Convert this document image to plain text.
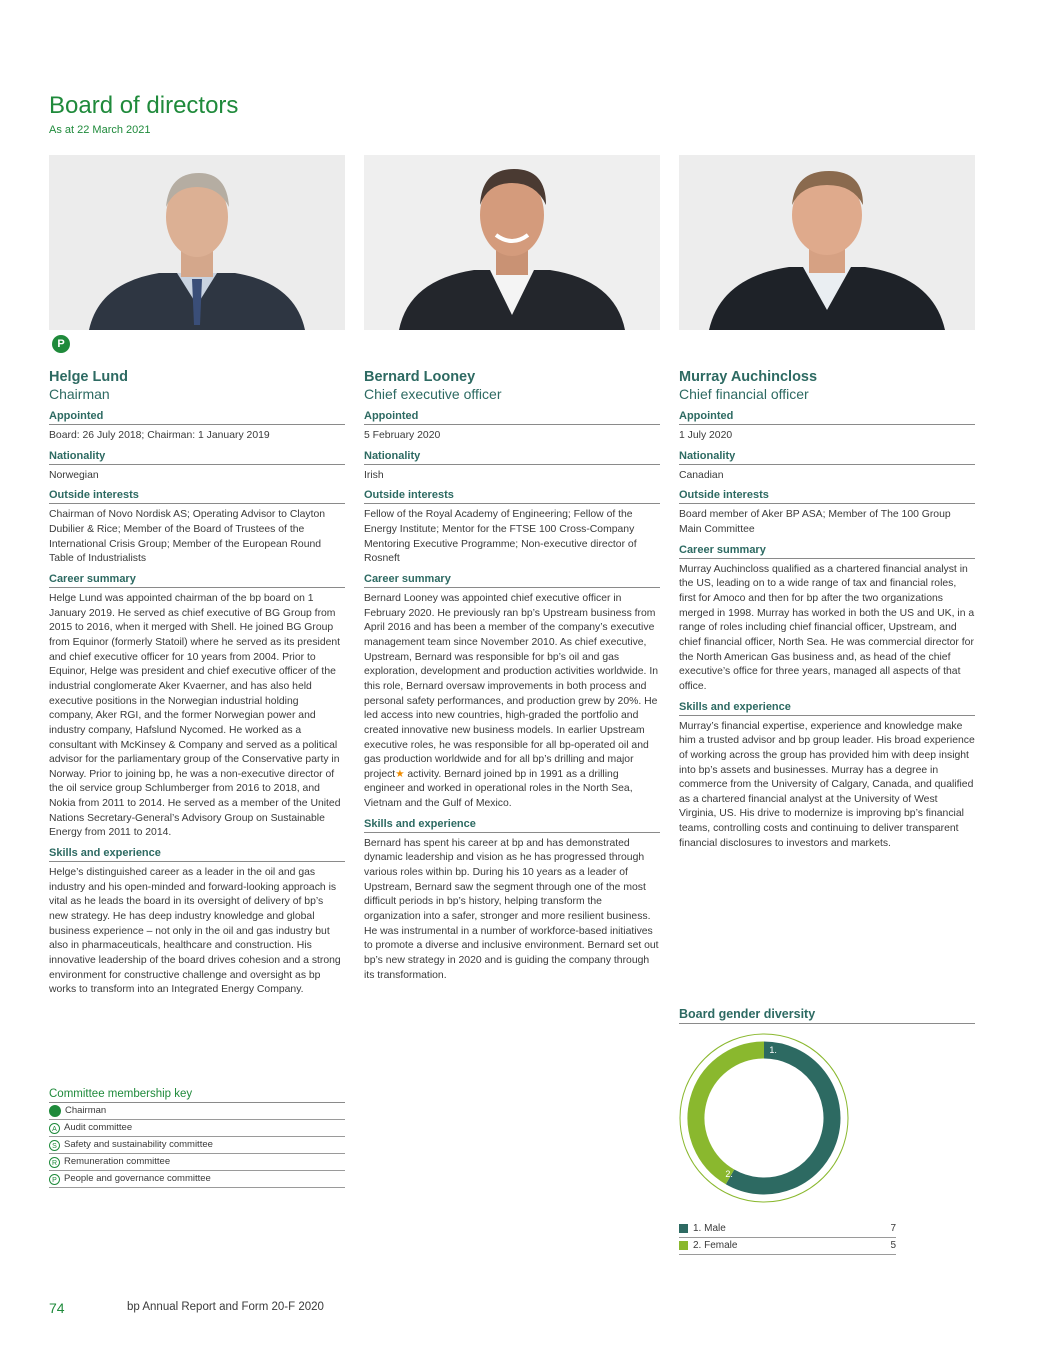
Board of directors
As at 22 March 2021
P
Helge Lund
Chairman
Appointed
Board: 26 July 2018; Chairman: 1 January 2019
Nationality
Norwegian
Outside interests
Chairman of Novo Nordisk AS; Operating Advisor to Clayton Dubilier & Rice; Member of the Board of Trustees of the International Crisis Group; Member of the European Round Table of Industrialists
Career summary
Helge Lund was appointed chairman of the bp board on 1 January 2019. He served as chief executive of BG Group from 2015 to 2016, when it merged with Shell. He joined BG Group from Equinor (formerly Statoil) where he served as its president and chief executive officer for 10 years from 2004. Prior to Equinor, Helge was president and chief executive officer of the industrial conglomerate Aker Kvaerner, and has also held executive positions in the Norwegian industrial holding company, Aker RGI, and the former Norwegian power and industry company, Hafslund Nycomed. He worked as a consultant with McKinsey & Company and served as a political advisor for the parliamentary group of the Conservative party in Norway. Prior to joining bp, he was a non-executive director of the oil service group Schlumberger from 2016 to 2018, and Nokia from 2011 to 2014. He served as a member of the United Nations Secretary-General’s Advisory Group on Sustainable Energy from 2011 to 2014.
Skills and experience
Helge’s distinguished career as a leader in the oil and gas industry and his open-minded and forward-looking approach is vital as he leads the board in its oversight of delivery of bp’s new strategy. He has deep industry knowledge and global business experience – not only in the oil and gas industry but also in pharmaceuticals, healthcare and construction. His innovative leadership of the board drives cohesion and a strong environment for constructive challenge and oversight as bp works to transform into an Integrated Energy Company.
Bernard Looney
Chief executive officer
Appointed
5 February 2020
Nationality
Irish
Outside interests
Fellow of the Royal Academy of Engineering; Fellow of the Energy Institute; Mentor for the FTSE 100 Cross-Company Mentoring Executive Programme; Non-executive director of Rosneft
Career summary
Bernard Looney was appointed chief executive officer in February 2020. He previously ran bp’s Upstream business from April 2016 and has been a member of the company’s executive management team since November 2010. As chief executive, Upstream, Bernard was responsible for bp’s oil and gas exploration, development and production activities worldwide. In this role, Bernard oversaw improvements in both process and personal safety performances, and production grew by 20%. He led access into new countries, high-graded the portfolio and created innovative new business models. In earlier Upstream executive roles, he was responsible for all bp-operated oil and gas production worldwide and for all bp’s drilling and major project★ activity. Bernard joined bp in 1991 as a drilling engineer and worked in operational roles in the North Sea, Vietnam and the Gulf of Mexico.
Skills and experience
Bernard has spent his career at bp and has demonstrated dynamic leadership and vision as he has progressed through various roles within bp. During his 10 years as a leader of Upstream, Bernard saw the segment through one of the most difficult periods in bp’s history, helping transform the organization into a safer, stronger and more resilient business. He was instrumental in a number of workforce-based initiatives to promote a diverse and inclusive environment. Bernard set out bp’s new strategy in 2020 and is guiding the company through its transformation.
Murray Auchincloss
Chief financial officer
Appointed
1 July 2020
Nationality
Canadian
Outside interests
Board member of Aker BP ASA; Member of The 100 Group Main Committee
Career summary
Murray Auchincloss qualified as a chartered financial analyst in the US, leading on to a wide range of tax and financial roles, first for Amoco and then for bp after the two organizations merged in 1998. Murray has worked in both the US and UK, in a range of roles including chief financial officer, Upstream, and chief financial officer, North Sea. He was commercial director for the North American Gas business and, as head of the chief executive’s office for three years, managed all aspects of that office.
Skills and experience
Murray’s financial expertise, experience and knowledge make him a trusted advisor and bp group leader. His broad experience of working across the group has provided him with deep insight into bp’s assets and businesses. Murray has a degree in commerce from the University of Calgary, Canada, and qualified as a chartered financial analyst at the University of West Virginia, US. His drive to modernize is improving bp’s financial teams, controlling costs and continuing to deliver transparent financial disclosures to investors and markets.
Committee membership key
Chairman
A Audit committee
S Safety and sustainability committee
R Remuneration committee
P People and governance committee
Board gender diversity
1.
2.
1. Male	7
2. Female	5
74	bp Annual Report and Form 20-F 2020
